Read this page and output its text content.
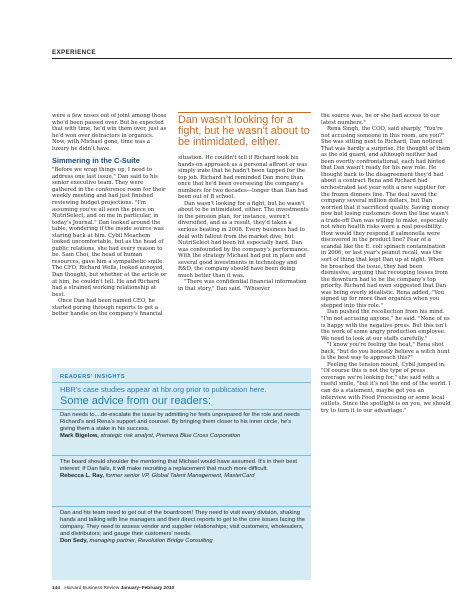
EXPERIENCE

were a few noses out of joint among those who'd been passed over. But he expected that with time, he'd win them over, just as he'd won over detractors in organics. Now, with Michael gone, time was a luxury he didn't have.

Simmering in the C-Suite

"Before we wrap things up, I need to address one last issue," Dan said to his senior executive team. They were gathered in the conference room for their weekly meeting and had just finished reviewing budget projections. "I'm assuming you've all seen the piece on NutriSelect, and on me in particular, in today's Journal." Dan looked around the table, wondering if the inside source was staring back at him. Cybil Meachem looked uncomfortable, but as the head of public relations, she had every reason to be. Sam Choi, the head of human resources, gave him a sympathetic smile. The CFO, Richard Wells, looked annoyed, Dan thought, but whether at the article or at him, he couldn't tell. He and Richard had a strained working relationship at best.

Once Dan had been named CEO, he started poring through reports to get a better handle on the company's financial

Dan wasn't looking for a fight, but he wasn't about to be intimidated, either.

situation. He couldn't tell if Richard took his hands-on approach as a personal affront or was simply irate that he hadn't been tapped for the top job. Richard had reminded Dan more than once that he'd been overseeing the company's numbers for two decades—longer than Dan had been out of B school.

Dan wasn't looking for a fight, but he wasn't about to be intimidated, either. The investments in the pension plan, for instance, weren't diversified, and as a result, they'd taken a serious beating in 2008. Every business had to deal with fallout from the market dive, but NutriSelect had been hit especially hard. Dan was confounded by the company's performance. With the strategy Michael had put in place and several good investments in technology and R&D, the company should have been doing much better than it was.

"There was confidential financial information in that story," Dan said. "Whoever

the source was, he or she had access to our latest numbers."

Rena Singh, the COO, said sharply, "You're not accusing someone in this room, are you?" She was sitting next to Richard, Dan noticed. That was hardly a surprise. He thought of them as the old guard, and although neither had been overtly confrontational, each had hinted that Dan wasn't ready for his new role. He thought back to the disagreement they'd had about a contract Rena and Richard had orchestrated last year with a new supplier for the frozen dinners line. The deal saved the company several million dollars, but Dan worried that it sacrificed quality. Saving money now but losing customers down the line wasn't a trade-off Dan was willing to make, especially not when health risks were a real possibility: How would they respond if salmonella were discovered in the product line? Fear of a scandal like the E. coli spinach contamination in 2006, or last year's peanut recall, was the sort of thing that kept Dan up at night. When he broached the issue, they had been dismissive, arguing that recouping losses from the downturn had to be the company's top priority. Richard had even suggested that Dan was being overly idealistic. Rena added, "You signed up for more than organics when you stepped into this role."

Dan pushed the recollection from his mind. "I'm not accusing anyone," he said. "None of us is happy with the negative press. But this isn't the work of some angry production employee. We need to look at our staffs carefully."

"I know you're feeling the heat," Rena shot back, "but do you honestly believe a witch hunt is the best way to approach this?"

Feeling the tension mount, Cybil jumped in. "Of course this is not the type of press coverage we're looking for," she said with a rueful smile, "but it's not the end of the world. I can do a statement, maybe get you an interview with Food Processing or some local outlets. Since the spotlight is on you, we should try to turn it to our advantage."

READERS' INSIGHTS
HBR's case studies appear at hbr.org prior to publication here.
Some advice from our readers:
Dan needs to....de-escalate the issue by admitting he feels unprepared for the role and needs Richard's and Rena's support and counsel. By bringing them closer to his inner circle, he's giving them a stake in his success.
Mark Bigelow, strategic risk analyst, Premera Blue Cross Corporation
The board should shoulder the mentoring that Michael would have assumed. It's in their best interest: If Dan fails, it will make recruiting a replacement that much more difficult.
Rebecca L. Ray, former senior VP, Global Talent Management, MasterCard
Dan and his team need to get out of the boardroom! They need to visit every division, shaking hands and talking with line managers and their direct reports to get to the core issues facing the company. They need to assess vendor and supplier relationships; visit customers, wholesalers, and distributors; and gauge their customers' needs.
Don Sedy, managing partner, Revolution Bridge Consulting
144 Harvard Business Review January–February 2010
